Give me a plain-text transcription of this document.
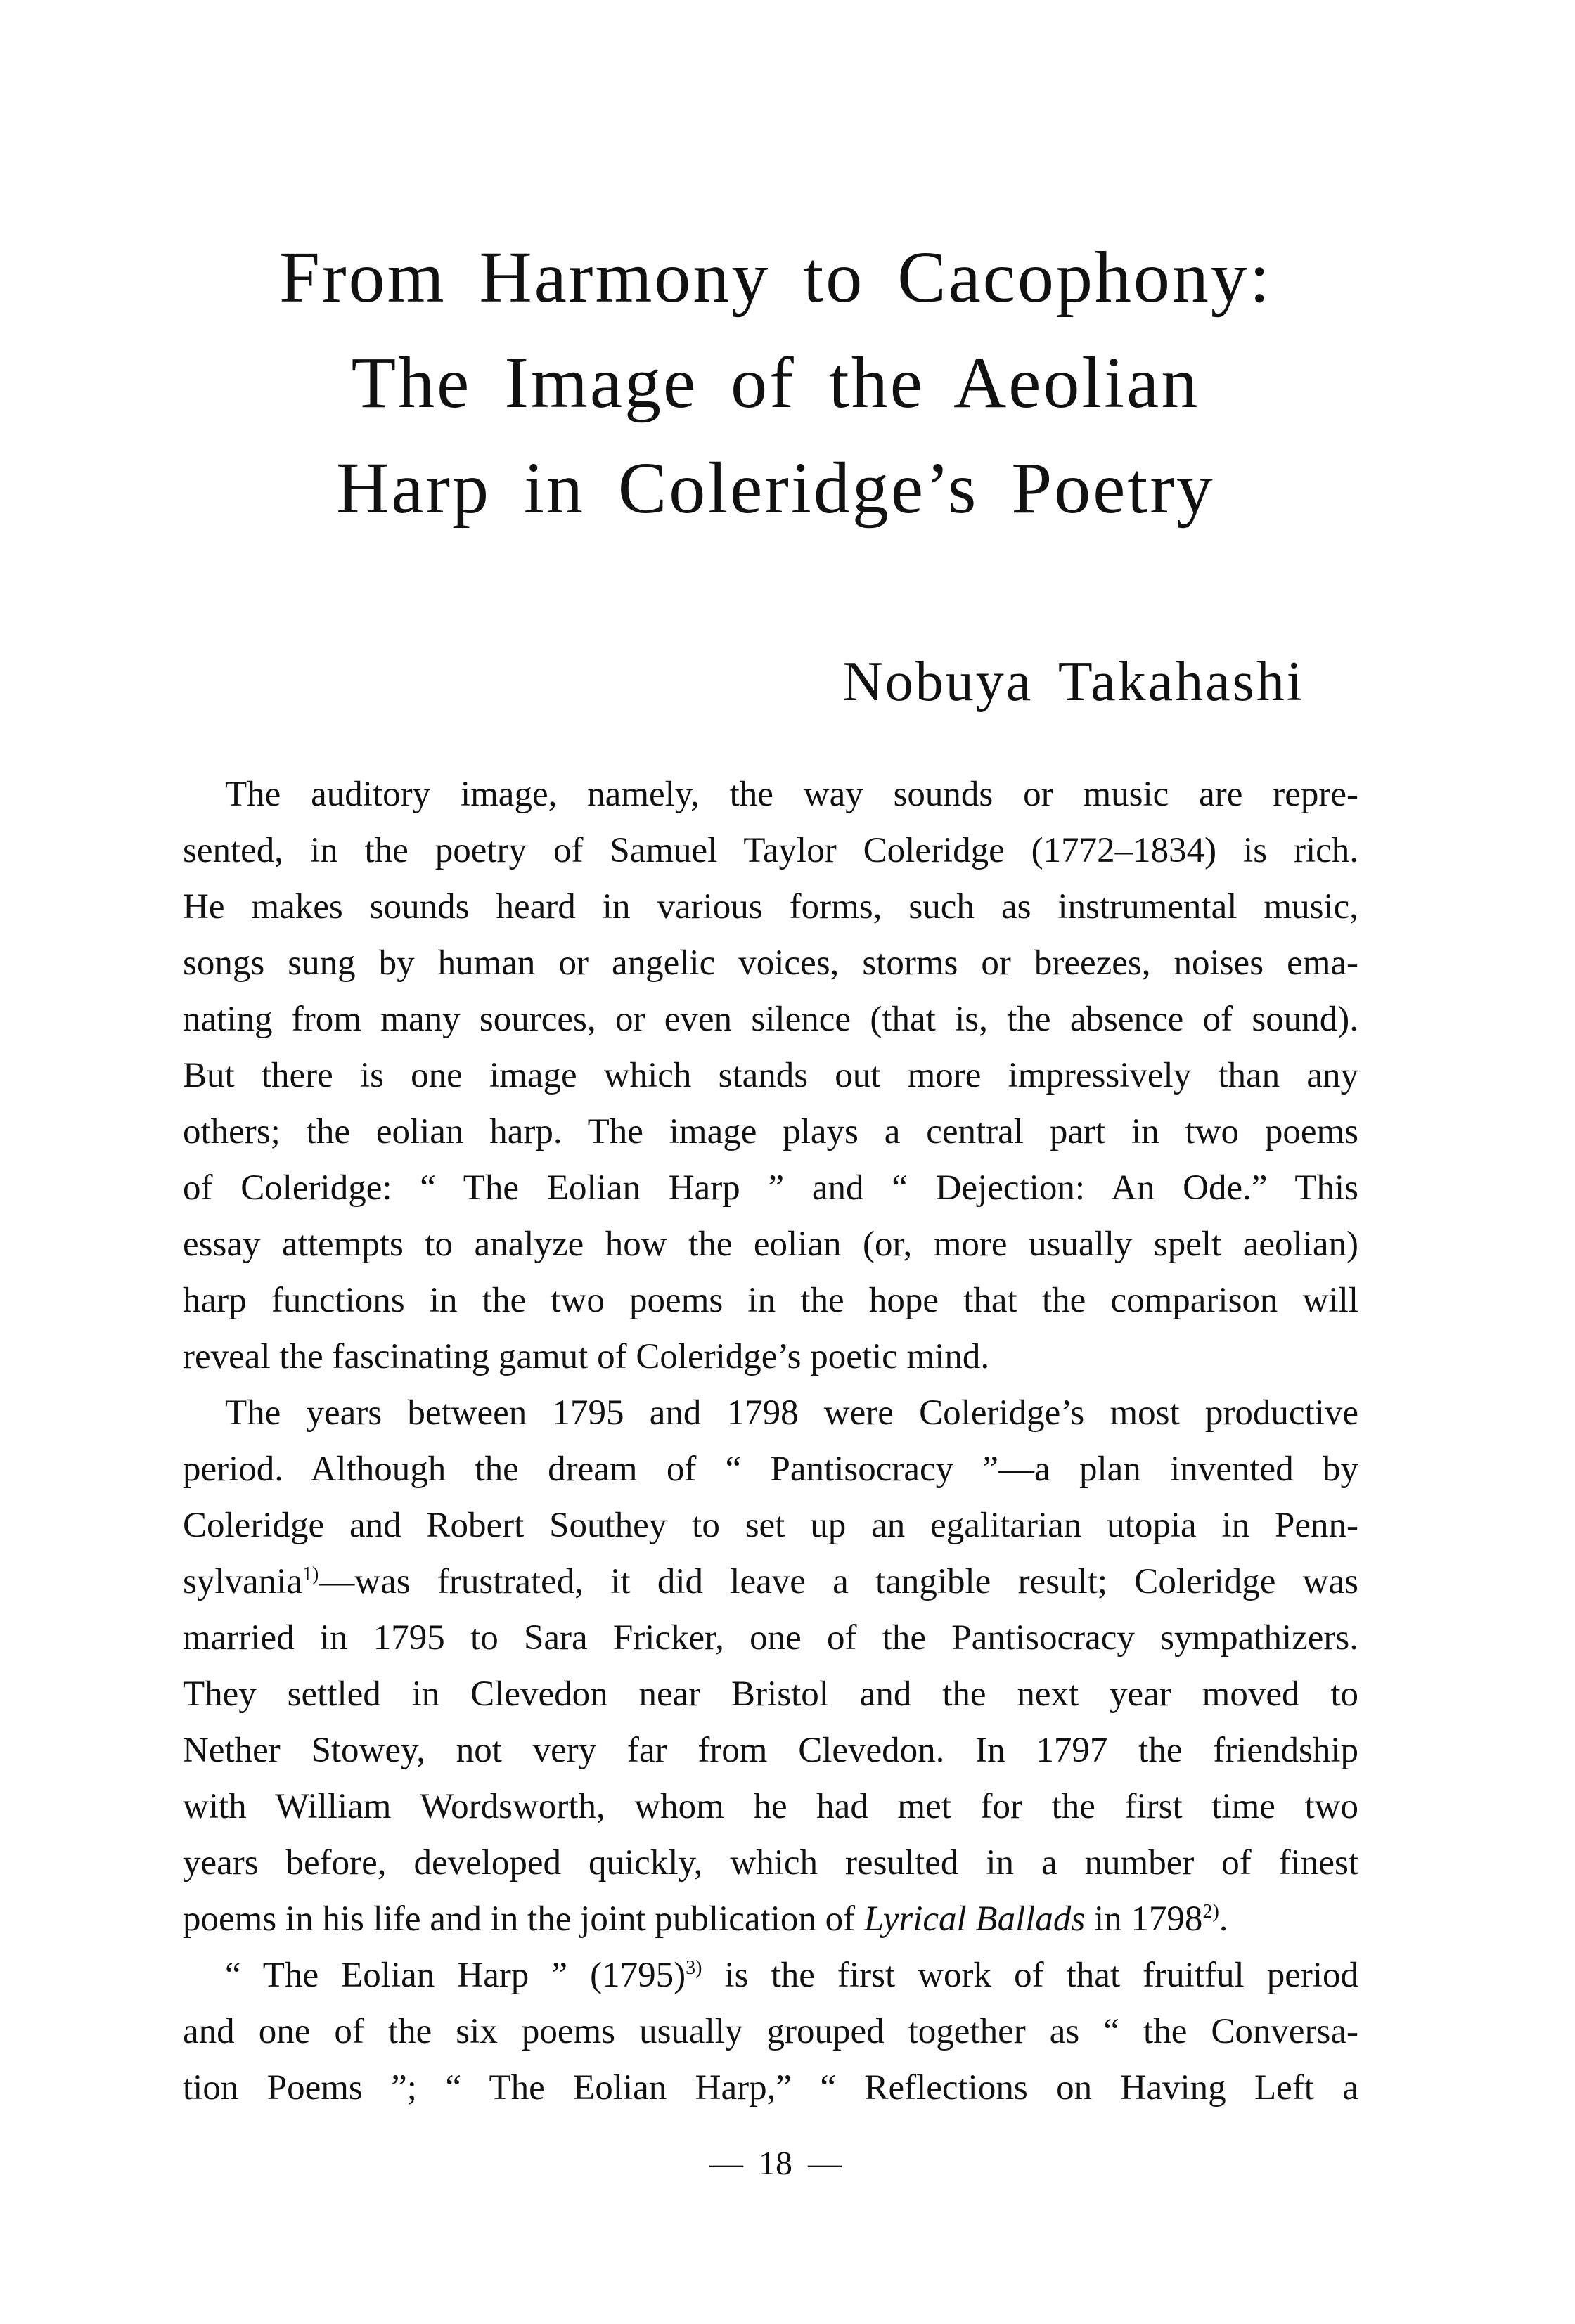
From Harmony to Cacophony:
The Image of the Aeolian
Harp in Coleridge’s Poetry
Nobuya Takahashi
The auditory image, namely, the way sounds or music are repre-
sented, in the poetry of Samuel Taylor Coleridge (1772–1834) is rich.
He makes sounds heard in various forms, such as instrumental music,
songs sung by human or angelic voices, storms or breezes, noises ema-
nating from many sources, or even silence (that is, the absence of sound).
But there is one image which stands out more impressively than any
others; the eolian harp. The image plays a central part in two poems
of Coleridge: “ The Eolian Harp ” and “ Dejection: An Ode.” This
essay attempts to analyze how the eolian (or, more usually spelt aeolian)
harp functions in the two poems in the hope that the comparison will
reveal the fascinating gamut of Coleridge’s poetic mind.
The years between 1795 and 1798 were Coleridge’s most productive
period. Although the dream of “ Pantisocracy ”—a plan invented by
Coleridge and Robert Southey to set up an egalitarian utopia in Penn-
sylvania$^{1)}$—was frustrated, it did leave a tangible result; Coleridge was
married in 1795 to Sara Fricker, one of the Pantisocracy sympathizers.
They settled in Clevedon near Bristol and the next year moved to
Nether Stowey, not very far from Clevedon. In 1797 the friendship
with William Wordsworth, whom he had met for the first time two
years before, developed quickly, which resulted in a number of finest
poems in his life and in the joint publication of Lyrical Ballads in 1798$^{2)}$.
“ The Eolian Harp ” $(1795)^{3)}$ is the first work of that fruitful period
and one of the six poems usually grouped together as “ the Conversa-
tion Poems ”; “ The Eolian Harp,” “ Reflections on Having Left a
— 18 —
